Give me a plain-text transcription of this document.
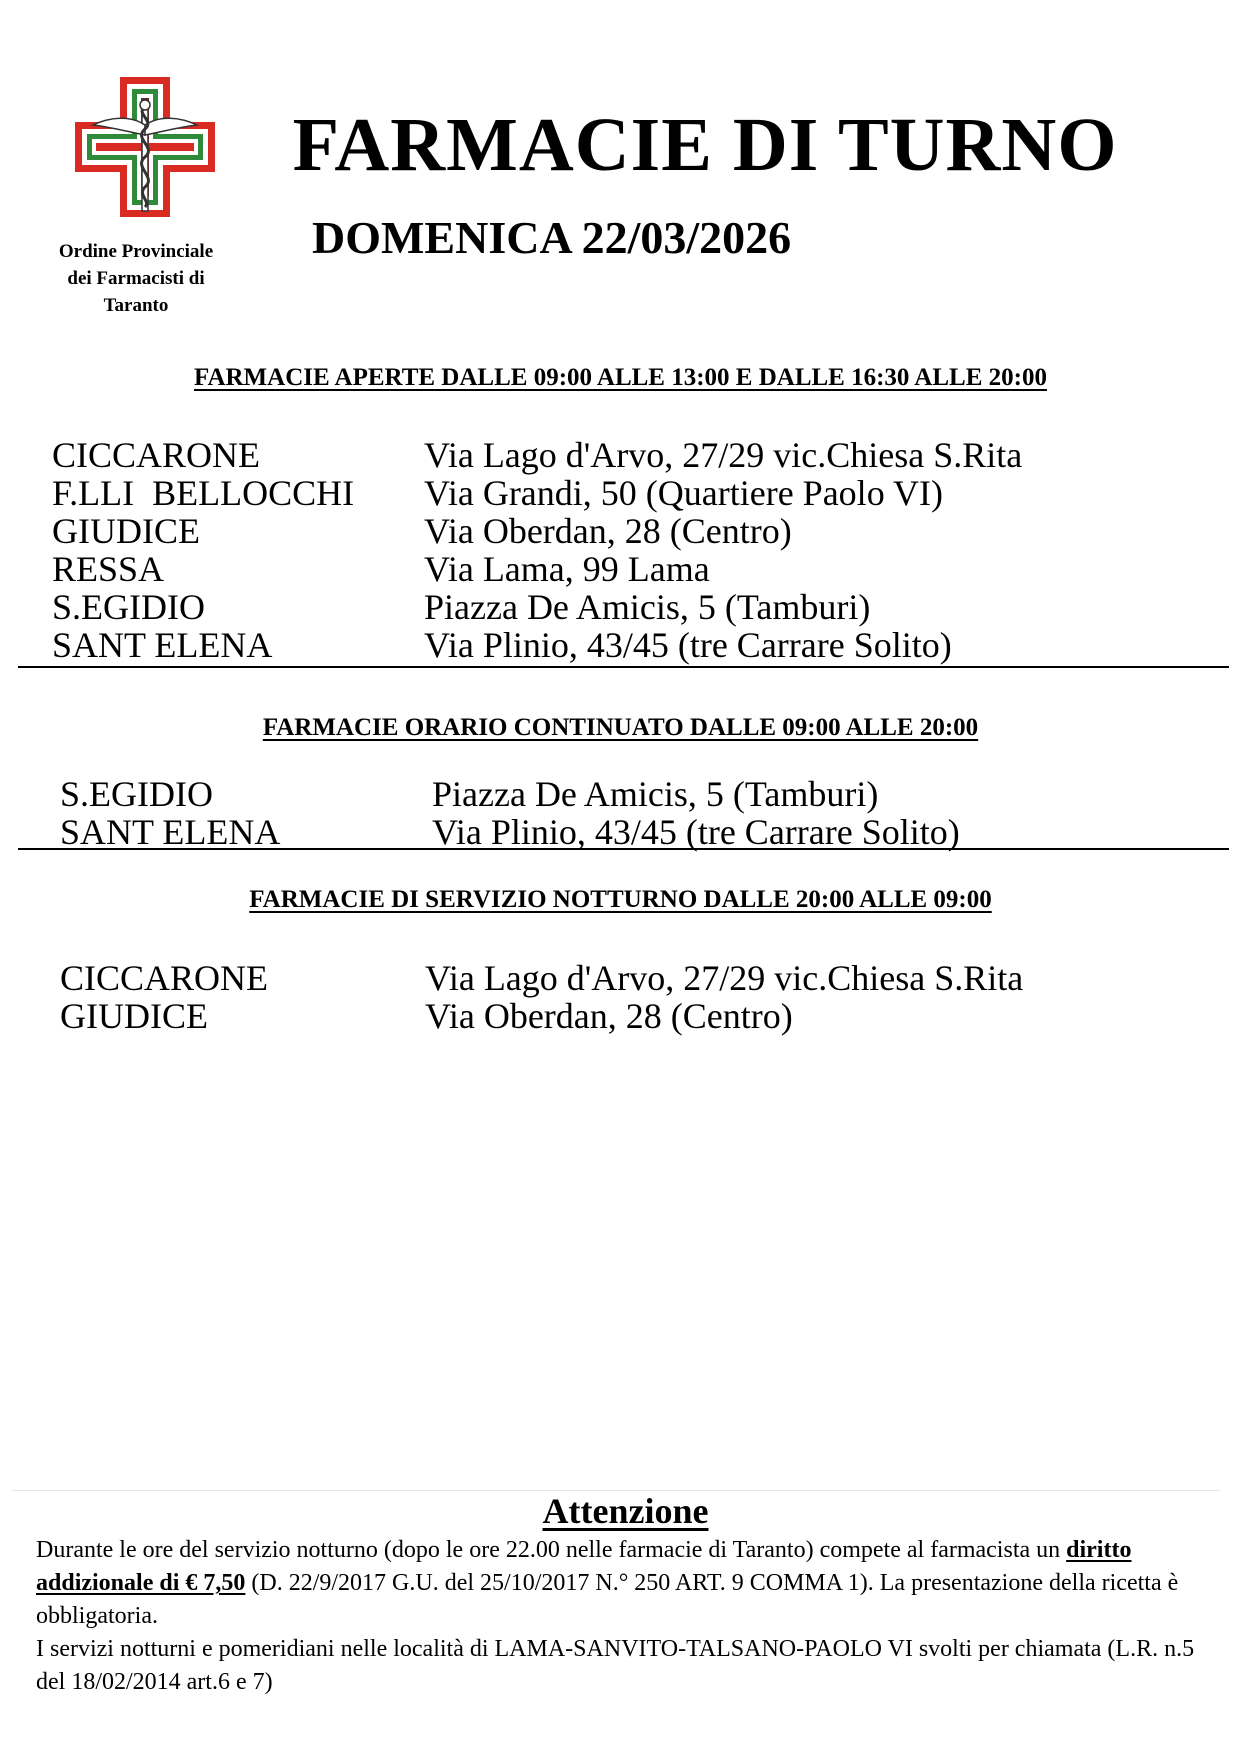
Ordine Provinciale
dei Farmacisti di
Taranto
FARMACIE DI TURNO
DOMENICA 22/03/2026
FARMACIE APERTE DALLE 09:00 ALLE 13:00 E DALLE 16:30 ALLE 20:00
CICCARONE	Via Lago d'Arvo, 27/29 vic.Chiesa S.Rita
F.LLI  BELLOCCHI	Via Grandi, 50 (Quartiere Paolo VI)
GIUDICE	Via Oberdan, 28 (Centro)
RESSA	Via Lama, 99 Lama
S.EGIDIO	Piazza De Amicis, 5 (Tamburi)
SANT ELENA	Via Plinio, 43/45 (tre Carrare Solito)
FARMACIE ORARIO CONTINUATO DALLE 09:00 ALLE 20:00
S.EGIDIO	Piazza De Amicis, 5 (Tamburi)
SANT ELENA	Via Plinio, 43/45 (tre Carrare Solito)
FARMACIE DI SERVIZIO NOTTURNO DALLE 20:00 ALLE 09:00
CICCARONE	Via Lago d'Arvo, 27/29 vic.Chiesa S.Rita
GIUDICE	Via Oberdan, 28 (Centro)
Attenzione

Durante le ore del servizio notturno (dopo le ore 22.00 nelle farmacie di Taranto) compete al farmacista un diritto addizionale di € 7,50 (D. 22/9/2017 G.U. del 25/10/2017 N.° 250 ART. 9 COMMA 1). La presentazione della ricetta è obbligatoria.

I servizi notturni e pomeridiani nelle località di LAMA-SANVITO-TALSANO-PAOLO VI svolti per chiamata (L.R. n.5 del 18/02/2014 art.6 e 7)
